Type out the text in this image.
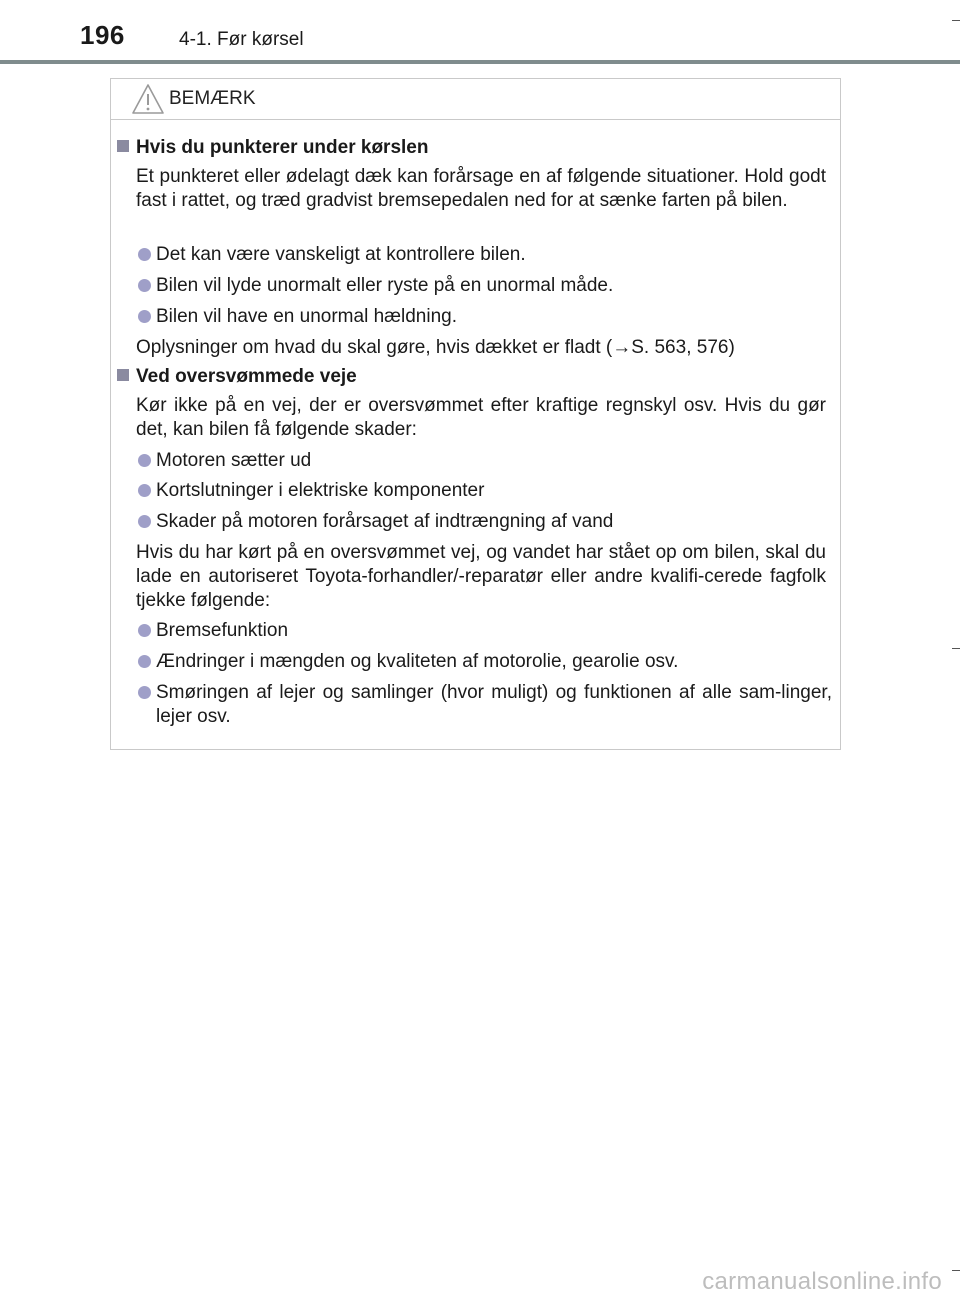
196	4-1. Før kørsel
BEMÆRK
Hvis du punkterer under kørslen
Et punkteret eller ødelagt dæk kan forårsage en af følgende situationer. Hold godt fast i rattet, og træd gradvist bremsepedalen ned for at sænke farten på bilen.
Det kan være vanskeligt at kontrollere bilen.
Bilen vil lyde unormalt eller ryste på en unormal måde.
Bilen vil have en unormal hældning.
Oplysninger om hvad du skal gøre, hvis dækket er fladt (→S. 563, 576)
Ved oversvømmede veje
Kør ikke på en vej, der er oversvømmet efter kraftige regnskyl osv. Hvis du gør det, kan bilen få følgende skader:
Motoren sætter ud
Kortslutninger i elektriske komponenter
Skader på motoren forårsaget af indtrængning af vand
Hvis du har kørt på en oversvømmet vej, og vandet har stået op om bilen, skal du lade en autoriseret Toyota-forhandler/-reparatør eller andre kvalifi-cerede fagfolk tjekke følgende:
Bremsefunktion
Ændringer i mængden og kvaliteten af motorolie, gearolie osv.
Smøringen af lejer og samlinger (hvor muligt) og funktionen af alle sam-linger, lejer osv.
carmanualsonline.info
